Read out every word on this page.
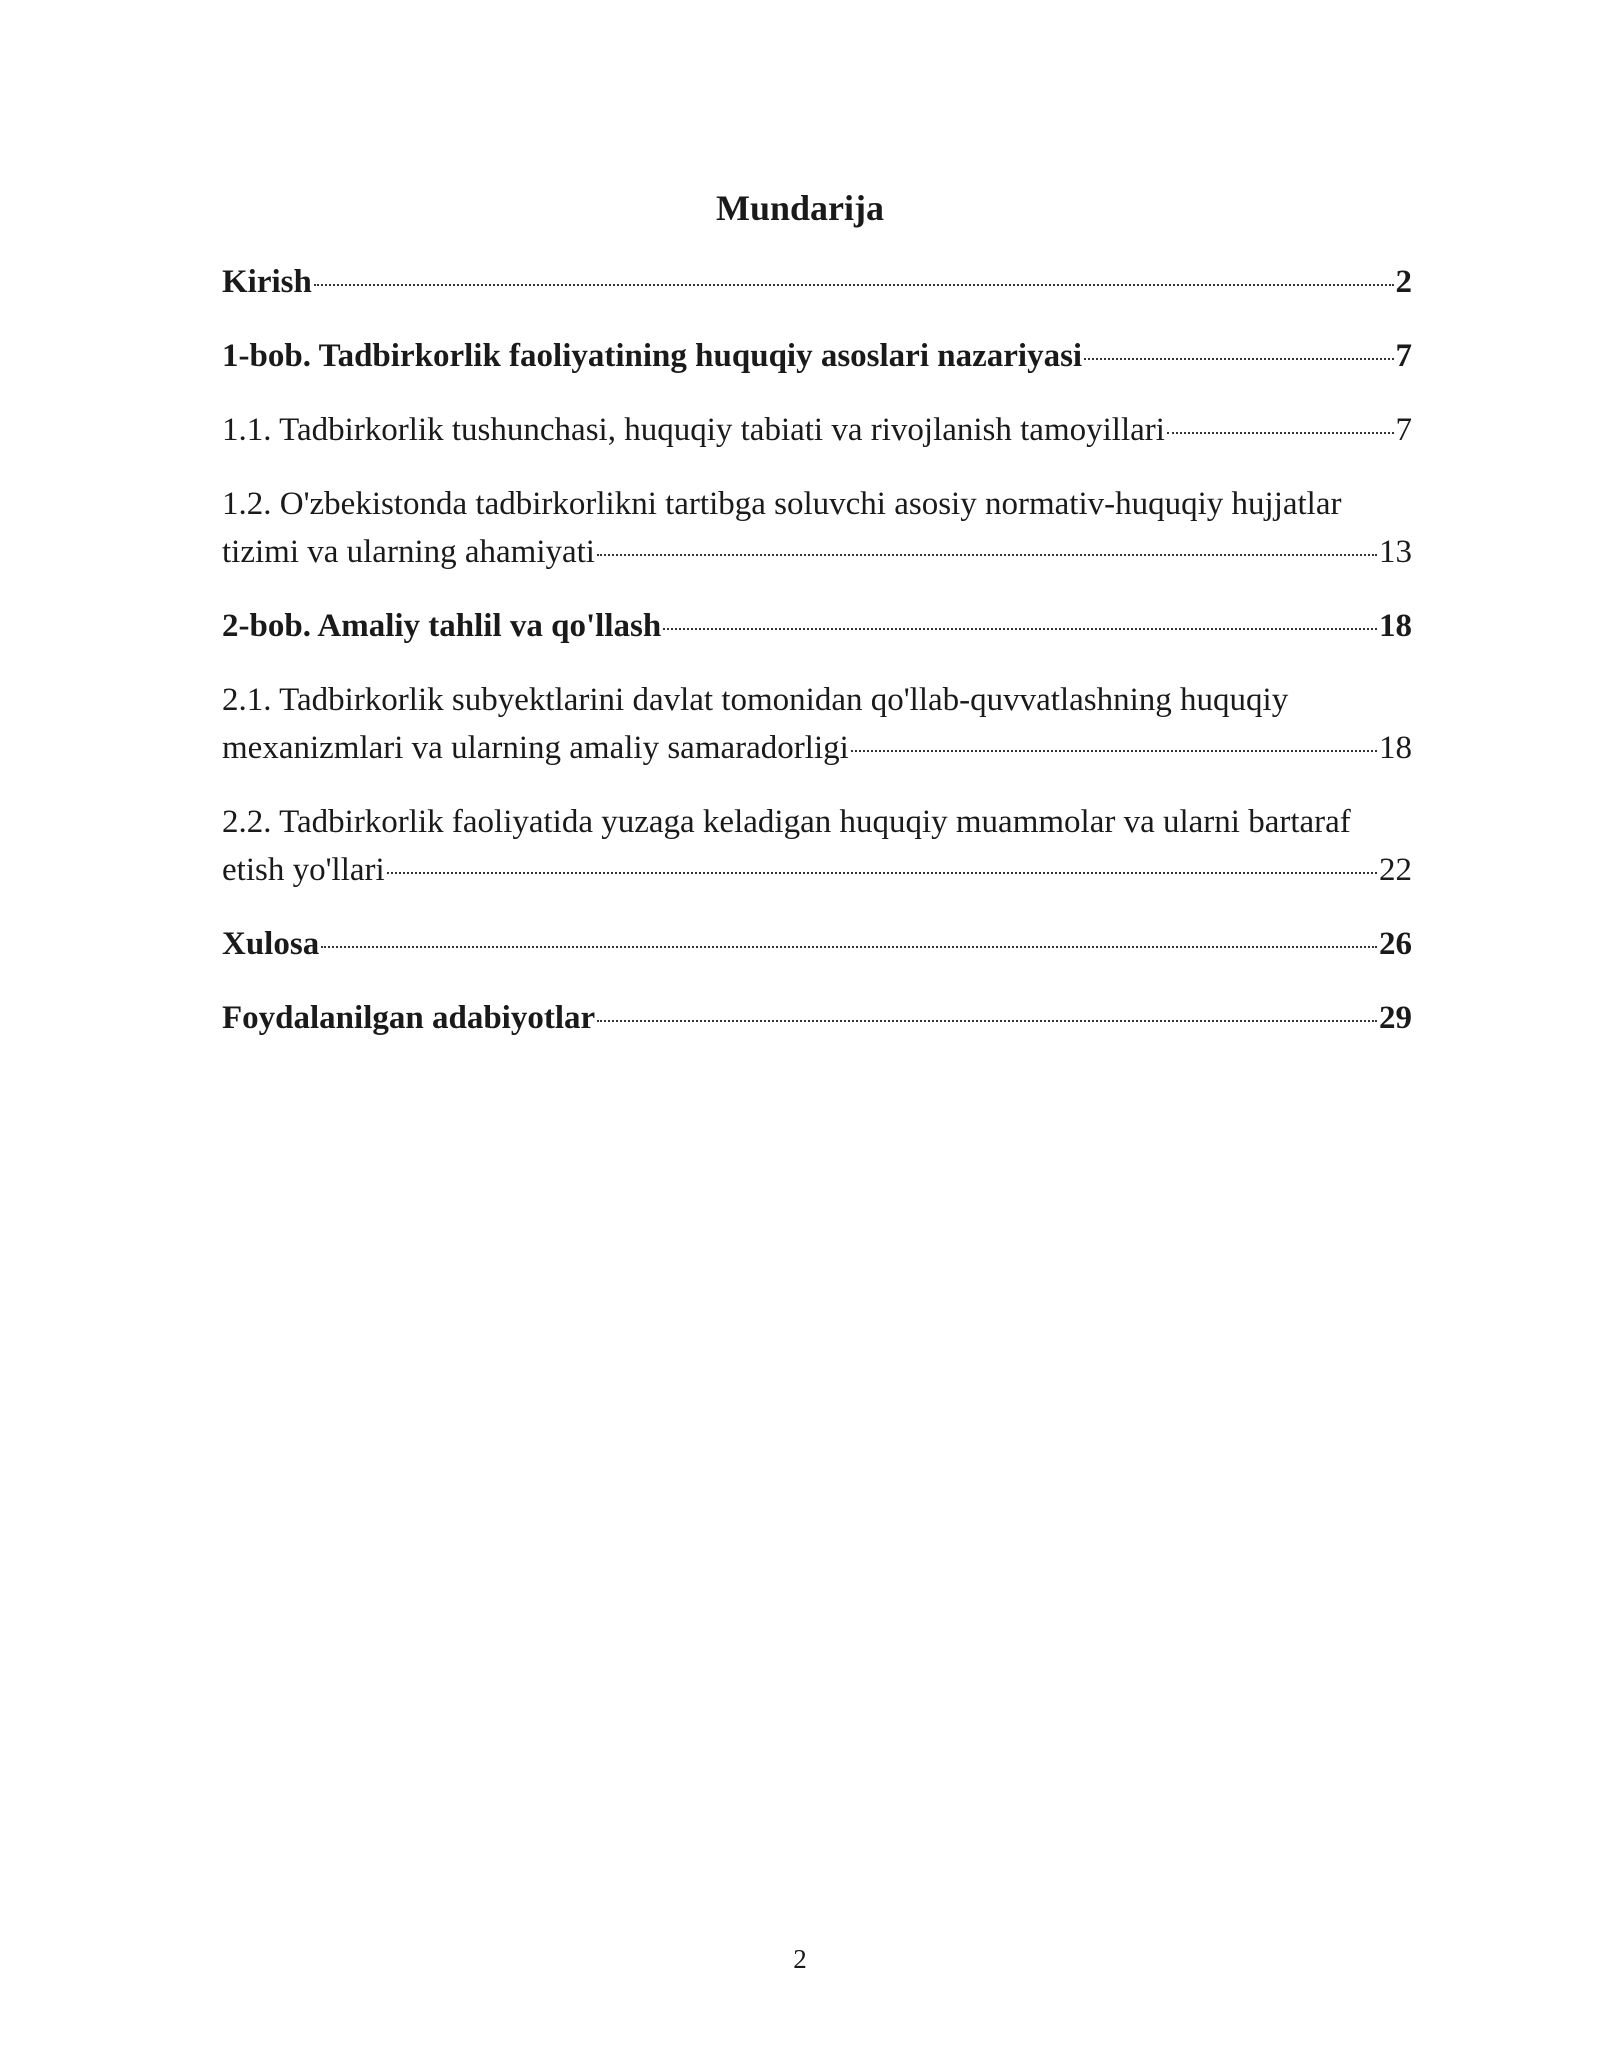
Mundarija
Kirish	2
1-bob. Tadbirkorlik faoliyatining huquqiy asoslari nazariyasi	7
1.1. Tadbirkorlik tushunchasi, huquqiy tabiati va rivojlanish tamoyillari	7
1.2. O'zbekistonda tadbirkorlikni tartibga soluvchi asosiy normativ-huquqiy hujjatlar
tizimi va ularning ahamiyati	13
2-bob. Amaliy tahlil va qo'llash	18
2.1. Tadbirkorlik subyektlarini davlat tomonidan qo'llab-quvvatlashning huquqiy
mexanizmlari va ularning amaliy samaradorligi	18
2.2. Tadbirkorlik faoliyatida yuzaga keladigan huquqiy muammolar va ularni bartaraf
etish yo'llari	22
Xulosa	26
Foydalanilgan adabiyotlar	29
2
